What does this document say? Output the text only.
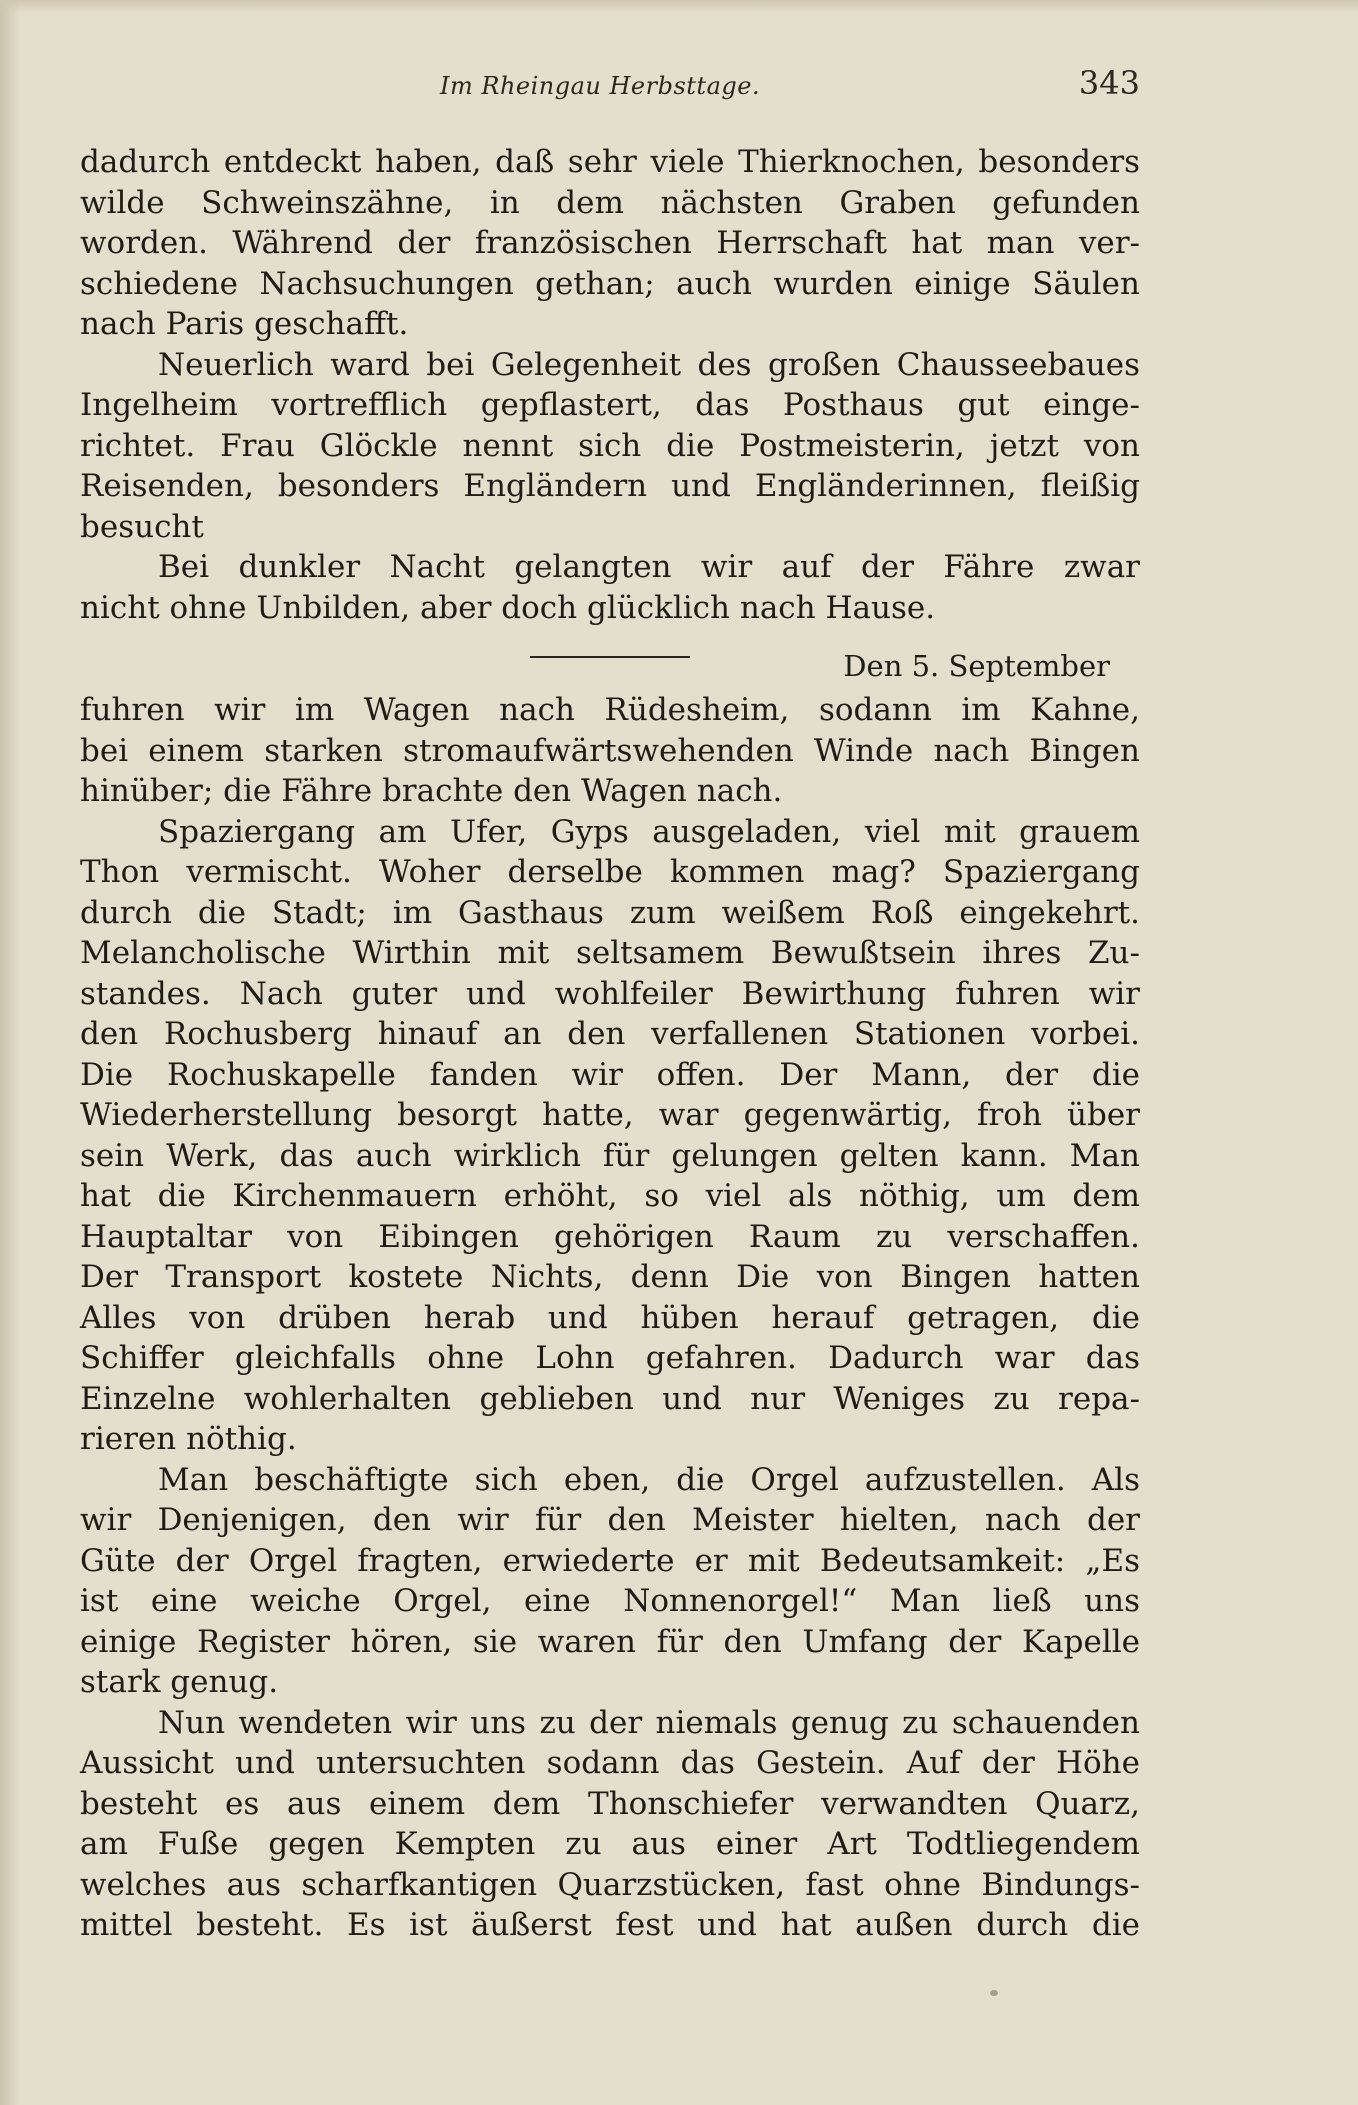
Im Rheingau Herbsttage.	343
dadurch entdeckt haben, daß sehr viele Thierknochen, besonders
wilde Schweinszähne, in dem nächsten Graben gefunden
worden. Während der französischen Herrschaft hat man ver-
schiedene Nachsuchungen gethan; auch wurden einige Säulen
nach Paris geschafft.
Neuerlich ward bei Gelegenheit des großen Chausseebaues
Ingelheim vortrefflich gepflastert, das Posthaus gut einge-
richtet. Frau Glöckle nennt sich die Postmeisterin, jetzt von
Reisenden, besonders Engländern und Engländerinnen, fleißig
besucht
Bei dunkler Nacht gelangten wir auf der Fähre zwar
nicht ohne Unbilden, aber doch glücklich nach Hause.
Den 5. September
fuhren wir im Wagen nach Rüdesheim, sodann im Kahne,
bei einem starken stromaufwärtswehenden Winde nach Bingen
hinüber; die Fähre brachte den Wagen nach.
Spaziergang am Ufer, Gyps ausgeladen, viel mit grauem
Thon vermischt. Woher derselbe kommen mag? Spaziergang
durch die Stadt; im Gasthaus zum weißem Roß eingekehrt.
Melancholische Wirthin mit seltsamem Bewußtsein ihres Zu-
standes. Nach guter und wohlfeiler Bewirthung fuhren wir
den Rochusberg hinauf an den verfallenen Stationen vorbei.
Die Rochuskapelle fanden wir offen. Der Mann, der die
Wiederherstellung besorgt hatte, war gegenwärtig, froh über
sein Werk, das auch wirklich für gelungen gelten kann. Man
hat die Kirchenmauern erhöht, so viel als nöthig, um dem
Hauptaltar von Eibingen gehörigen Raum zu verschaffen.
Der Transport kostete Nichts, denn Die von Bingen hatten
Alles von drüben herab und hüben herauf getragen, die
Schiffer gleichfalls ohne Lohn gefahren. Dadurch war das
Einzelne wohlerhalten geblieben und nur Weniges zu repa-
rieren nöthig.
Man beschäftigte sich eben, die Orgel aufzustellen. Als
wir Denjenigen, den wir für den Meister hielten, nach der
Güte der Orgel fragten, erwiederte er mit Bedeutsamkeit: „Es
ist eine weiche Orgel, eine Nonnenorgel!“ Man ließ uns
einige Register hören, sie waren für den Umfang der Kapelle
stark genug.
Nun wendeten wir uns zu der niemals genug zu schauenden
Aussicht und untersuchten sodann das Gestein. Auf der Höhe
besteht es aus einem dem Thonschiefer verwandten Quarz,
am Fuße gegen Kempten zu aus einer Art Todtliegendem
welches aus scharfkantigen Quarzstücken, fast ohne Bindungs-
mittel besteht. Es ist äußerst fest und hat außen durch die
